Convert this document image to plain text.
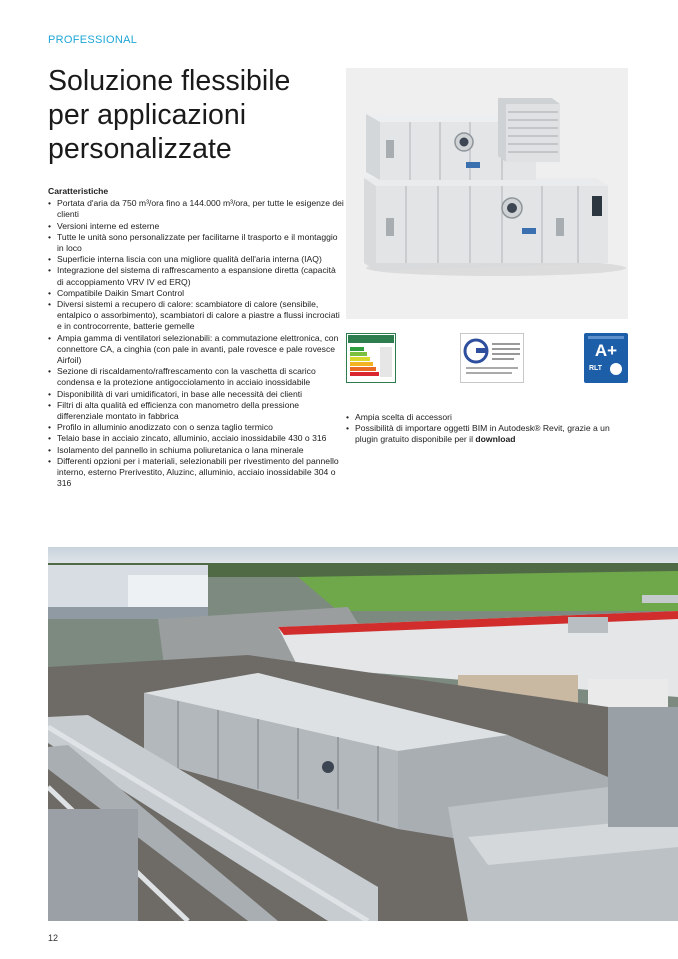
PROFESSIONAL
Soluzione flessibile
per applicazioni
personalizzate
Caratteristiche
• Portata d'aria da 750 m³/ora fino a 144.000 m³/ora, per tutte le esigenze dei clienti
• Versioni interne ed esterne
• Tutte le unità sono personalizzate per facilitarne il trasporto e il montaggio in loco
• Superficie interna liscia con una migliore qualità dell'aria interna (IAQ)
• Integrazione del sistema di raffrescamento a espansione diretta (capacità di accoppiamento VRV IV ed ERQ)
• Compatibile Daikin Smart Control
• Diversi sistemi a recupero di calore: scambiatore di calore (sensibile, entalpico o assorbimento), scambiatori di calore a piastre a flussi incrociati e in controcorrente, batterie gemelle
• Ampia gamma di ventilatori selezionabili: a commutazione elettronica, con connettore CA, a cinghia (con pale in avanti, pale rovesce e pale rovesce Airfoil)
• Sezione di riscaldamento/raffrescamento con la vaschetta di scarico condensa e la protezione antigocciolamento in acciaio inossidabile
• Disponibilità di vari umidificatori, in base alle necessità dei clienti
• Filtri di alta qualità ed efficienza con manometro della pressione differenziale montato in fabbrica
• Profilo in alluminio anodizzato con o senza taglio termico
• Telaio base in acciaio zincato, alluminio, acciaio inossidabile 430 o 316
• Isolamento del pannello in schiuma poliuretanica o lana minerale
• Differenti opzioni per i materiali, selezionabili per rivestimento del pannello interno, esterno Prerivestito, Aluzinc, alluminio, acciaio inossidabile 304 o 316
A+
RLT
• Ampia scelta di accessori
• Possibilità di importare oggetti BIM in Autodesk® Revit, grazie a un plugin gratuito disponibile per il download
12
